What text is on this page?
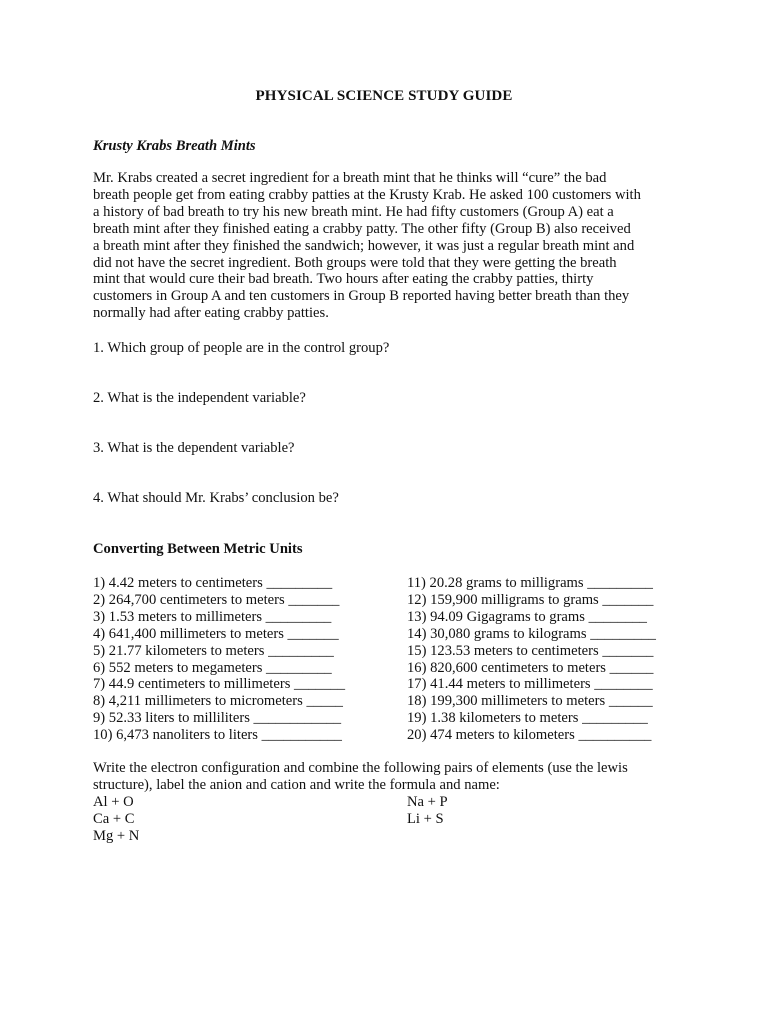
PHYSICAL SCIENCE STUDY GUIDE
Krusty Krabs Breath Mints
Mr. Krabs created a secret ingredient for a breath mint that he thinks will “cure” the bad
breath people get from eating crabby patties at the Krusty Krab. He asked 100 customers with
a history of bad breath to try his new breath mint. He had fifty customers (Group A) eat a
breath mint after they finished eating a crabby patty. The other fifty (Group B) also received
a breath mint after they finished the sandwich; however, it was just a regular breath mint and
did not have the secret ingredient. Both groups were told that they were getting the breath
mint that would cure their bad breath. Two hours after eating the crabby patties, thirty
customers in Group A and ten customers in Group B reported having better breath than they
normally had after eating crabby patties.
1. Which group of people are in the control group?
2. What is the independent variable?
3. What is the dependent variable?
4. What should Mr. Krabs’ conclusion be?
Converting Between Metric Units
1) 4.42 meters to centimeters _________
2) 264,700 centimeters to meters _______
3) 1.53 meters to millimeters _________
4) 641,400 millimeters to meters _______
5) 21.77 kilometers to meters _________
6) 552 meters to megameters _________
7) 44.9 centimeters to millimeters _______
8) 4,211 millimeters to micrometers _____
9) 52.33 liters to milliliters ____________
10) 6,473 nanoliters to liters ___________
11) 20.28 grams to milligrams _________
12) 159,900 milligrams to grams _______
13) 94.09 Gigagrams to grams ________
14) 30,080 grams to kilograms _________
15) 123.53 meters to centimeters _______
16) 820,600 centimeters to meters ______
17) 41.44 meters to millimeters ________
18) 199,300 millimeters to meters ______
19) 1.38 kilometers to meters _________
20) 474 meters to kilometers __________
Write the electron configuration and combine the following pairs of elements (use the lewis
structure), label the anion and cation and write the formula and name:
Al + O
Ca + C
Mg + N
Na + P
Li + S
